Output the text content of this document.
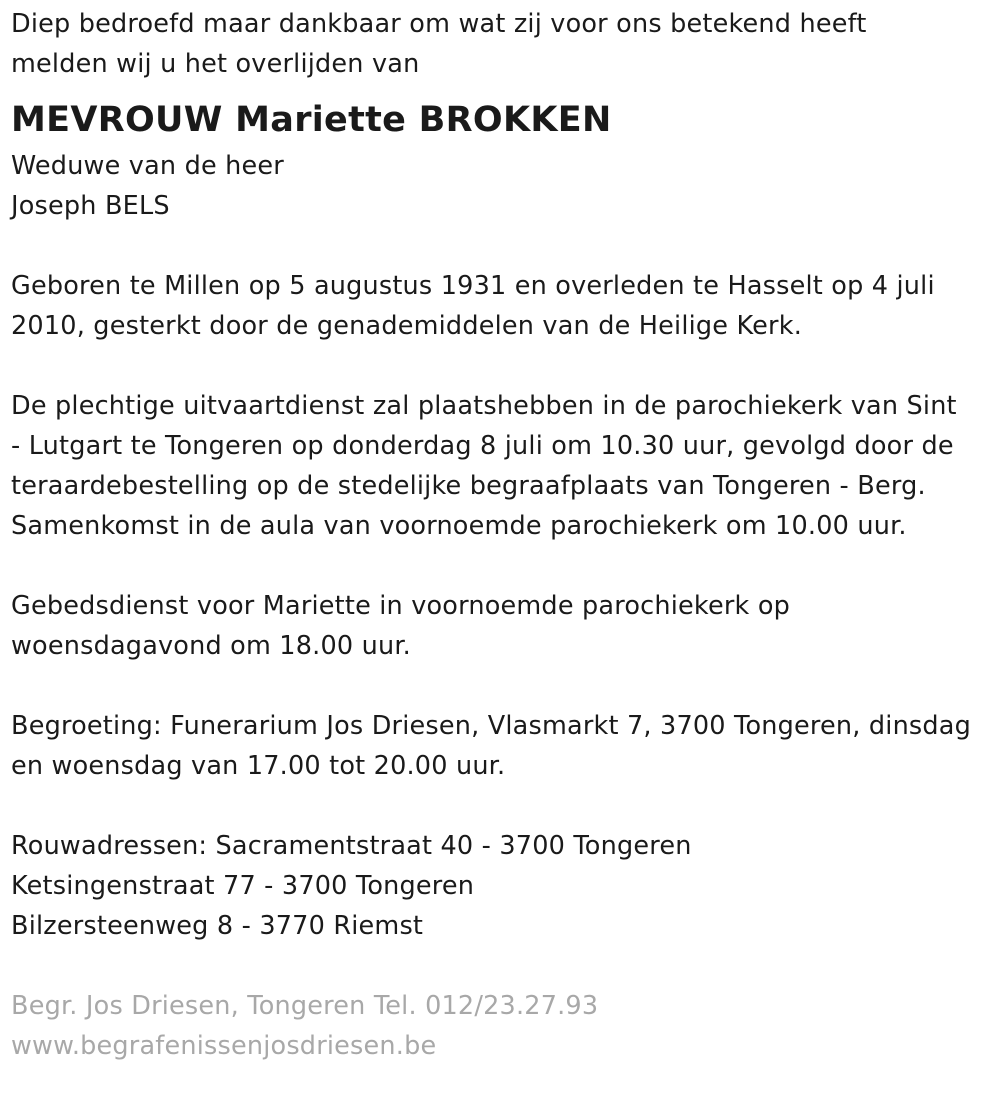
Diep bedroefd maar dankbaar om wat zij voor ons betekend heeft
melden wij u het overlijden van
MEVROUW Mariette BROKKEN
Weduwe van de heer
Joseph BELS
Geboren te Millen op 5 augustus 1931 en overleden te Hasselt op 4 juli
2010, gesterkt door de genademiddelen van de Heilige Kerk.
De plechtige uitvaartdienst zal plaatshebben in de parochiekerk van Sint
- Lutgart te Tongeren op donderdag 8 juli om 10.30 uur, gevolgd door de
teraardebestelling op de stedelijke begraafplaats van Tongeren - Berg.
Samenkomst in de aula van voornoemde parochiekerk om 10.00 uur.
Gebedsdienst voor Mariette in voornoemde parochiekerk op
woensdagavond om 18.00 uur.
Begroeting: Funerarium Jos Driesen, Vlasmarkt 7, 3700 Tongeren, dinsdag
en woensdag van 17.00 tot 20.00 uur.
Rouwadressen: Sacramentstraat 40 - 3700 Tongeren
Ketsingenstraat 77 - 3700 Tongeren
Bilzersteenweg 8 - 3770 Riemst
Begr. Jos Driesen, Tongeren Tel. 012/23.27.93
www.begrafenissenjosdriesen.be
